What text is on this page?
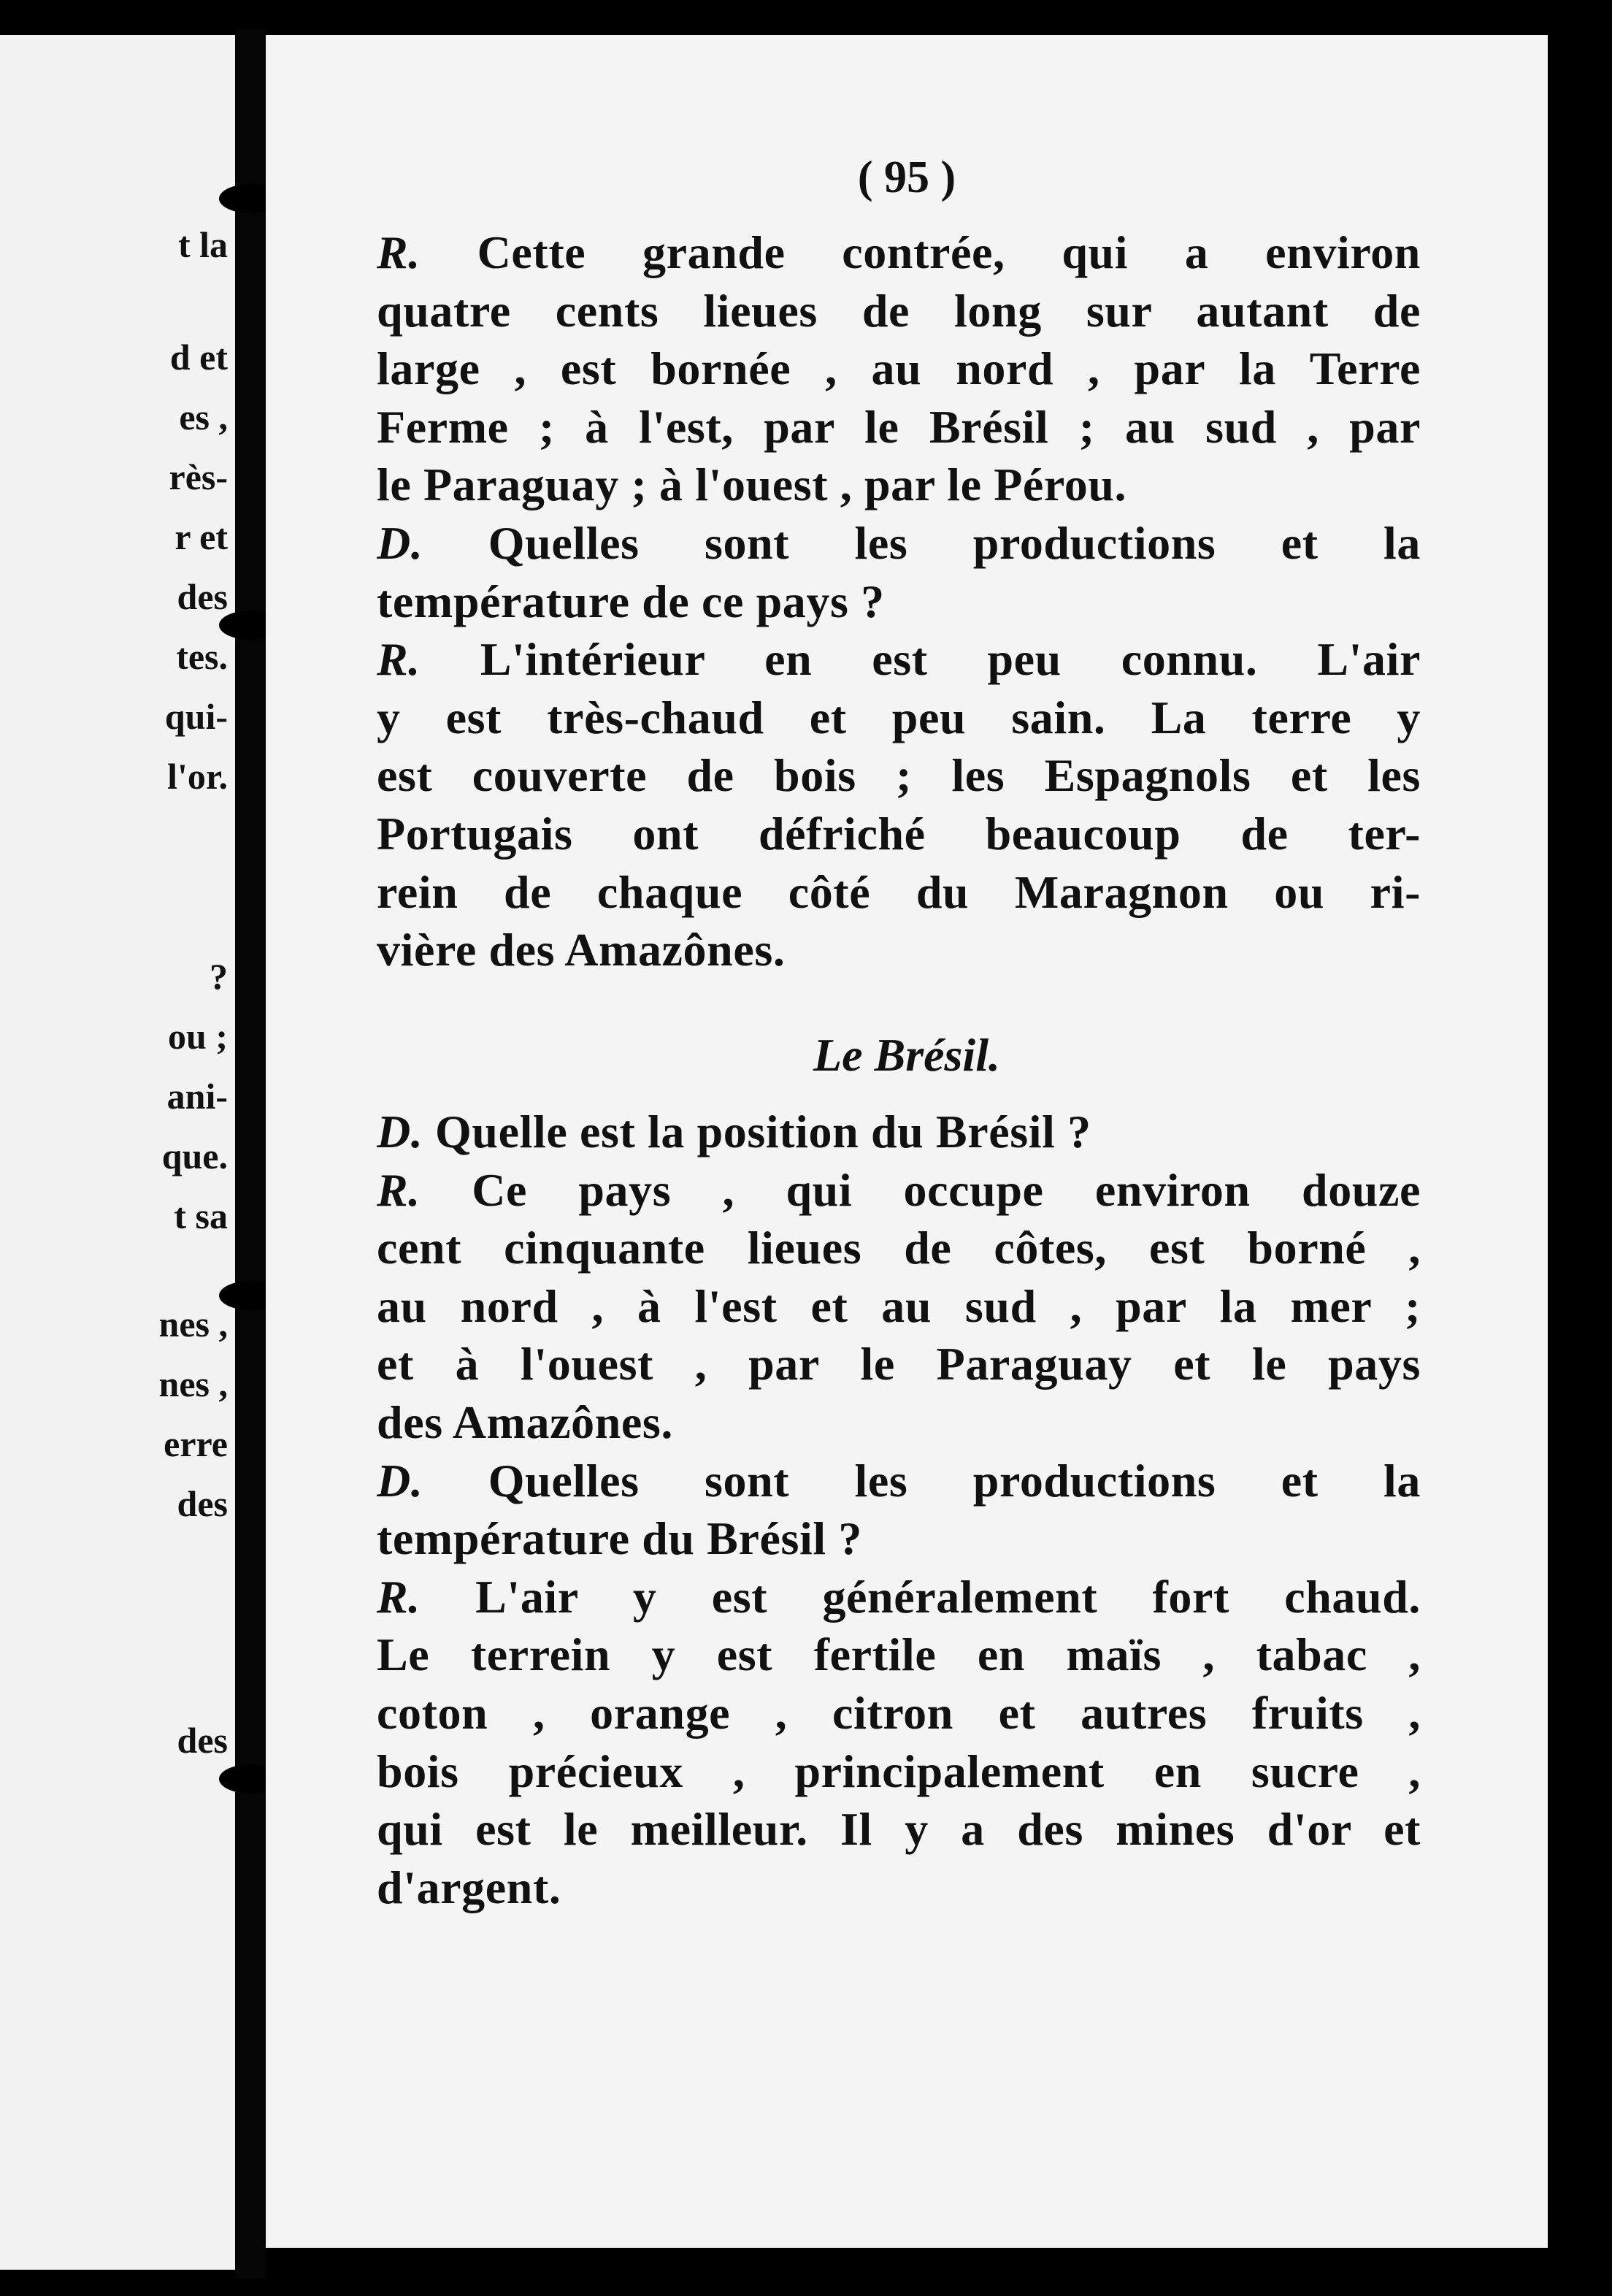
t la
d et
es ,
rès-
r et
des
tes.
qui-
l'or.
?
ou ;
ani-
que.
t sa
nes ,
nes ,
erre
des
des
( 95 )
R. Cette grande contrée, qui a environ
quatre cents lieues de long sur autant de
large , est bornée , au nord , par la Terre
Ferme ; à l'est, par le Brésil ; au sud , par
le Paraguay ; à l'ouest , par le Pérou.
D. Quelles sont les productions et la
température de ce pays ?
R. L'intérieur en est peu connu. L'air
y est très-chaud et peu sain. La terre y
est couverte de bois ; les Espagnols et les
Portugais ont défriché beaucoup de ter-
rein de chaque côté du Maragnon ou ri-
vière des Amazônes.
Le Brésil.
D. Quelle est la position du Brésil ?
R. Ce pays , qui occupe environ douze
cent cinquante lieues de côtes, est borné ,
au nord , à l'est et au sud , par la mer ;
et à l'ouest , par le Paraguay et le pays
des Amazônes.
D. Quelles sont les productions et la
température du Brésil ?
R. L'air y est généralement fort chaud.
Le terrein y est fertile en maïs , tabac ,
coton , orange , citron et autres fruits ,
bois précieux , principalement en sucre ,
qui est le meilleur. Il y a des mines d'or et
d'argent.
